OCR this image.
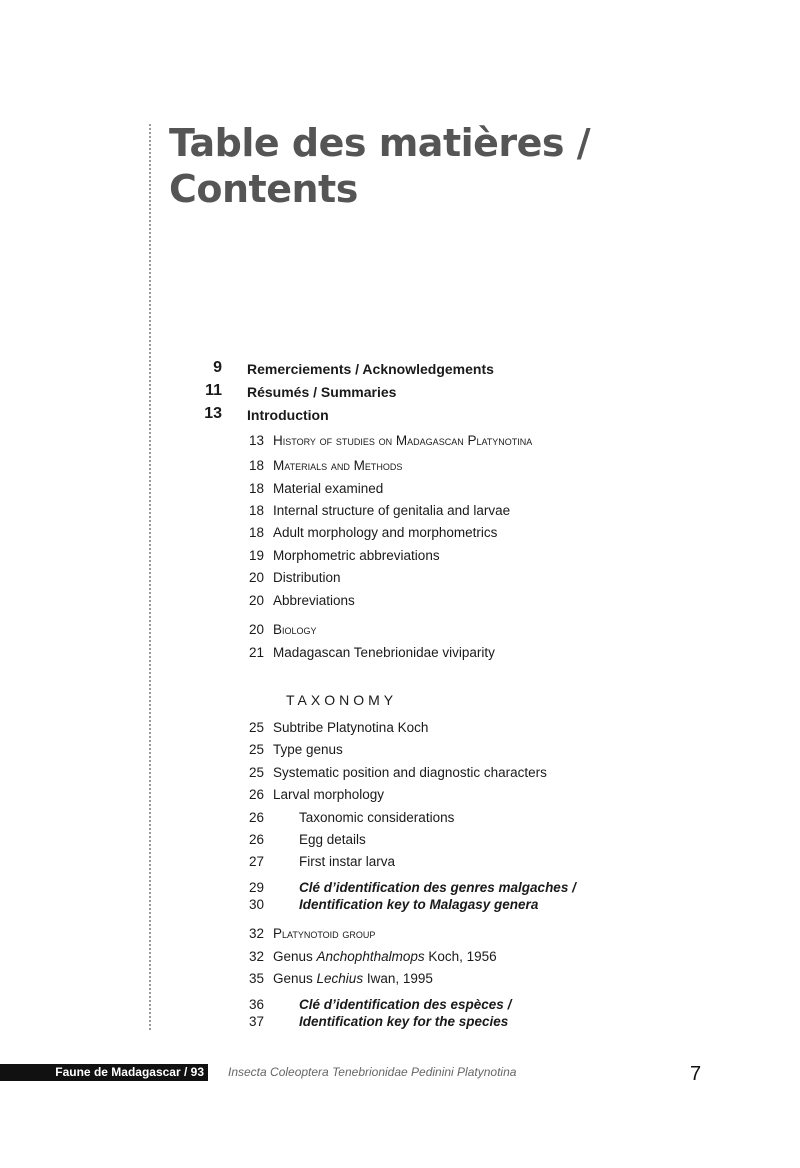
Table des matières /
Contents
9 Remerciements / Acknowledgements
11 Résumés / Summaries
13 Introduction
13 History of studies on Madagascan Platynotina
18 Materials and Methods
18 Material examined
18 Internal structure of genitalia and larvae
18 Adult morphology and morphometrics
19 Morphometric abbreviations
20 Distribution
20 Abbreviations
20 Biology
21 Madagascan Tenebrionidae viviparity
TAXONOMY
25 Subtribe Platynotina Koch
25 Type genus
25 Systematic position and diagnostic characters
26 Larval morphology
26	Taxonomic considerations
26	Egg details
27	First instar larva
29	Clé d’identification des genres malgaches /
30	Identification key to Malagasy genera
32 Platynotoid group
32 Genus Anchophthalmops Koch, 1956
35 Genus Lechius Iwan, 1995
36	Clé d’identification des espèces /
37	Identification key for the species
Faune de Madagascar / 93	Insecta Coleoptera Tenebrionidae Pedinini Platynotina	7
